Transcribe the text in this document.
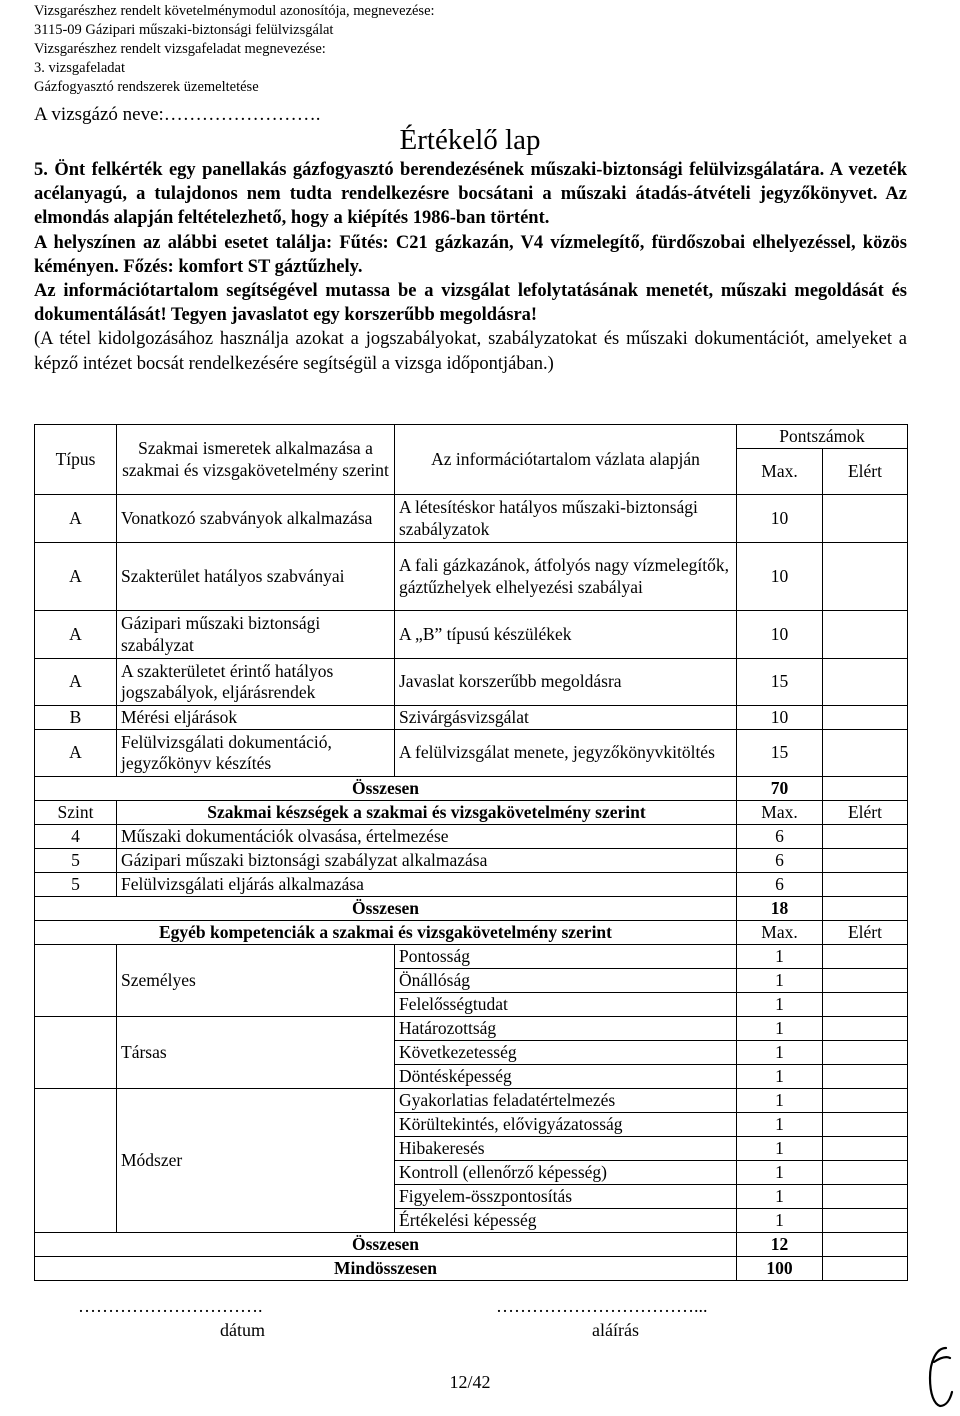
Vizsgarészhez rendelt követelménymodul azonosítója, megnevezése:
3115-09 Gázipari műszaki-biztonsági felülvizsgálat
Vizsgarészhez rendelt vizsgafeladat megnevezése:
3. vizsgafeladat
Gázfogyasztó rendszerek üzemeltetése
A vizsgázó neve:…………………….
Értékelő lap

5. Önt felkérték egy panellakás gázfogyasztó berendezésének műszaki-biztonsági felülvizsgálatára. A vezeték acélanyagú, a tulajdonos nem tudta rendelkezésre bocsátani a műszaki átadás-átvételi jegyzőkönyvet. Az elmondás alapján feltételezhető, hogy a kiépítés 1986-ban történt.

A helyszínen az alábbi esetet találja: Fűtés: C21 gázkazán, V4 vízmelegítő, fürdőszobai elhelyezéssel, közös kéményen. Főzés: komfort ST gáztűzhely.

Az információtartalom segítségével mutassa be a vizsgálat lefolytatásának menetét, műszaki megoldását és dokumentálását! Tegyen javaslatot egy korszerűbb megoldásra!

(A tétel kidolgozásához használja azokat a jogszabályokat, szabályzatokat és műszaki dokumentációt, amelyeket a képző intézet bocsát rendelkezésére segítségül a vizsga időpontjában.)

Típus	Szakmai ismeretek alkalmazása a szakmai és vizsgakövetelmény szerint	Az információtartalom vázlata alapján	Pontszámok	
			Max.	Elért
A	Vonatkozó szabványok alkalmazása	A létesítéskor hatályos műszaki-biztonsági szabályzatok	10	
A	Szakterület hatályos szabványai	A fali gázkazánok, átfolyós nagy vízmelegítők, gáztűzhelyek elhelyezési szabályai	10	
A	Gázipari műszaki biztonsági szabályzat	A „B” típusú készülékek	10	
A	A szakterületet érintő hatályos jogszabályok, eljárásrendek	Javaslat korszerűbb megoldásra	15	
B	Mérési eljárások	Szivárgásvizsgálat	10	
A	Felülvizsgálati dokumentáció, jegyzőkönyv készítés	A felülvizsgálat menete, jegyzőkönyvkitöltés	15	
Összesen			70	
Szint	Szakmai készségek a szakmai és vizsgakövetelmény szerint		Max.	Elért
4	Műszaki dokumentációk olvasása, értelmezése		6	
5	Gázipari műszaki biztonsági szabályzat alkalmazása		6	
5	Felülvizsgálati eljárás alkalmazása		6	
Összesen			18	
Egyéb kompetenciák a szakmai és vizsgakövetelmény szerint			Max.	Elért
	Személyes	Pontosság	1	
		Önállóság	1	
		Felelősségtudat	1	
	Társas	Határozottság	1	
		Következetesség	1	
		Döntésképesség	1	
	Módszer	Gyakorlatias feladatértelmezés	1	
		Körültekintés, elővigyázatosság	1	
		Hibakeresés	1	
		Kontroll (ellenőrző képesség)	1	
		Figyelem-összpontosítás	1	
		Értékelési képesség	1	
Összesen			12	
Mindösszesen			100	
………………………….
dátum
……………………………...
aláírás
12/42
